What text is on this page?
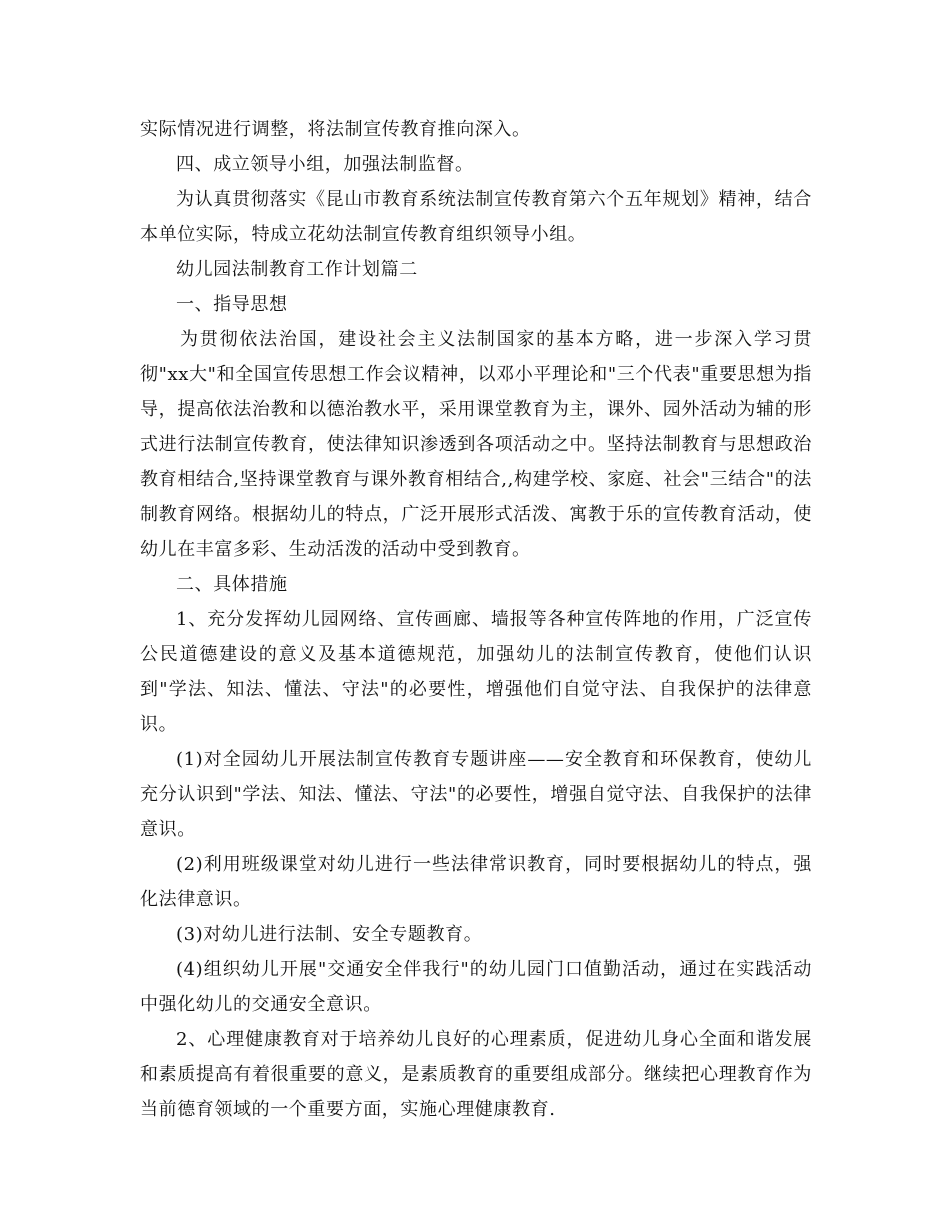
实际情况进行调整，将法制宣传教育推向深入。

四、成立领导小组，加强法制监督。

为认真贯彻落实《昆山市教育系统法制宣传教育第六个五年规划》精神，结合本单位实际，特成立花幼法制宣传教育组织领导小组。

幼儿园法制教育工作计划篇二

一、指导思想

为贯彻依法治国，建设社会主义法制国家的基本方略，进一步深入学习贯彻"xx大"和全国宣传思想工作会议精神，以邓小平理论和"三个代表"重要思想为指导，提高依法治教和以德治教水平，采用课堂教育为主，课外、园外活动为辅的形式进行法制宣传教育，使法律知识渗透到各项活动之中。坚持法制教育与思想政治教育相结合,坚持课堂教育与课外教育相结合,,构建学校、家庭、社会"三结合"的法制教育网络。根据幼儿的特点，广泛开展形式活泼、寓教于乐的宣传教育活动，使幼儿在丰富多彩、生动活泼的活动中受到教育。

二、具体措施

1、充分发挥幼儿园网络、宣传画廊、墙报等各种宣传阵地的作用，广泛宣传公民道德建设的意义及基本道德规范，加强幼儿的法制宣传教育，使他们认识到"学法、知法、懂法、守法"的必要性，增强他们自觉守法、自我保护的法律意识。

(1)对全园幼儿开展法制宣传教育专题讲座——安全教育和环保教育，使幼儿充分认识到"学法、知法、懂法、守法"的必要性，增强自觉守法、自我保护的法律意识。

(2)利用班级课堂对幼儿进行一些法律常识教育，同时要根据幼儿的特点，强化法律意识。

(3)对幼儿进行法制、安全专题教育。

(4)组织幼儿开展"交通安全伴我行"的幼儿园门口值勤活动，通过在实践活动中强化幼儿的交通安全意识。

2、心理健康教育对于培养幼儿良好的心理素质，促进幼儿身心全面和谐发展和素质提高有着很重要的意义，是素质教育的重要组成部分。继续把心理教育作为当前德育领域的一个重要方面，实施心理健康教育.
